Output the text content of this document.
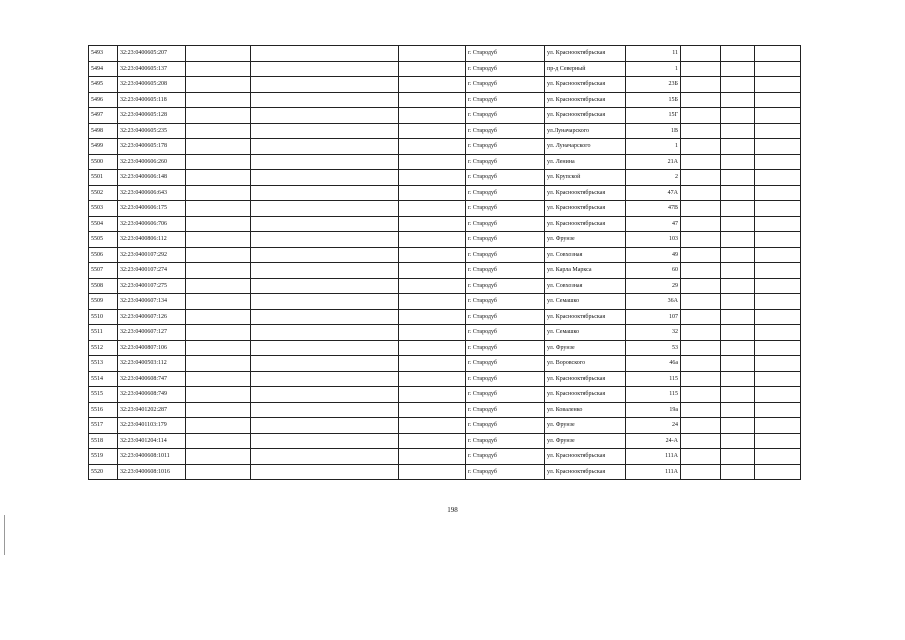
5493	32:23:0400605:207				г. Стародуб	ул. Краснооктябрьская	11			
5494	32:23:0400605:137				г. Стародуб	пр-д Северный	1			
5495	32:23:0400605:208				г. Стародуб	ул. Краснооктябрьская	23Б			
5496	32:23:0400605:118				г. Стародуб	ул. Краснооктябрьская	15Б			
5497	32:23:0400605:128				г. Стародуб	ул. Краснооктябрьская	15Г			
5498	32:23:0400605:235				г. Стародуб	ул.Луначарского	1В			
5499	32:23:0400605:178				г. Стародуб	ул. Луначарского	1			
5500	32:23:0400606:260				г. Стародуб	ул. Ленина	21А			
5501	32:23:0400606:148				г. Стародуб	ул. Крупской	2			
5502	32:23:0400606:643				г. Стародуб	ул. Краснооктябрьская	47А			
5503	32:23:0400606:175				г. Стародуб	ул. Краснооктябрьская	47В			
5504	32:23:0400606:706				г. Стародуб	ул. Краснооктябрьская	47			
5505	32:23:0400806:112				г. Стародуб	ул. Фрунзе	103			
5506	32:23:0400107:292				г. Стародуб	ул. Совхозная	49			
5507	32:23:0400107:274				г. Стародуб	ул. Карла Маркса	60			
5508	32:23:0400107:275				г. Стародуб	ул. Совхозная	29			
5509	32:23:0400607:134				г. Стародуб	ул. Семашко	36А			
5510	32:23:0400607:126				г. Стародуб	ул. Краснооктябрьская	107			
5511	32:23:0400607:127				г. Стародуб	ул. Семашко	32			
5512	32:23:0400807:106				г. Стародуб	ул. Фрунзе	53			
5513	32:23:0400503:112				г. Стародуб	ул. Воровского	46а			
5514	32:23:0400608:747				г. Стародуб	ул. Краснооктябрьская	115			
5515	32:23:0400608:749				г. Стародуб	ул. Краснооктябрьская	115			
5516	32:23:0401202:287				г. Стародуб	ул. Коваленко	19а			
5517	32:23:0401103:179				г. Стародуб	ул. Фрунзе	24			
5518	32:23:0401204:114				г. Стародуб	ул. Фрунзе	24-А			
5519	32:23:0400608:1011				г. Стародуб	ул. Краснооктябрьская	111А			
5520	32:23:0400608:1016				г. Стародуб	ул. Краснооктябрьская	111А			
198
